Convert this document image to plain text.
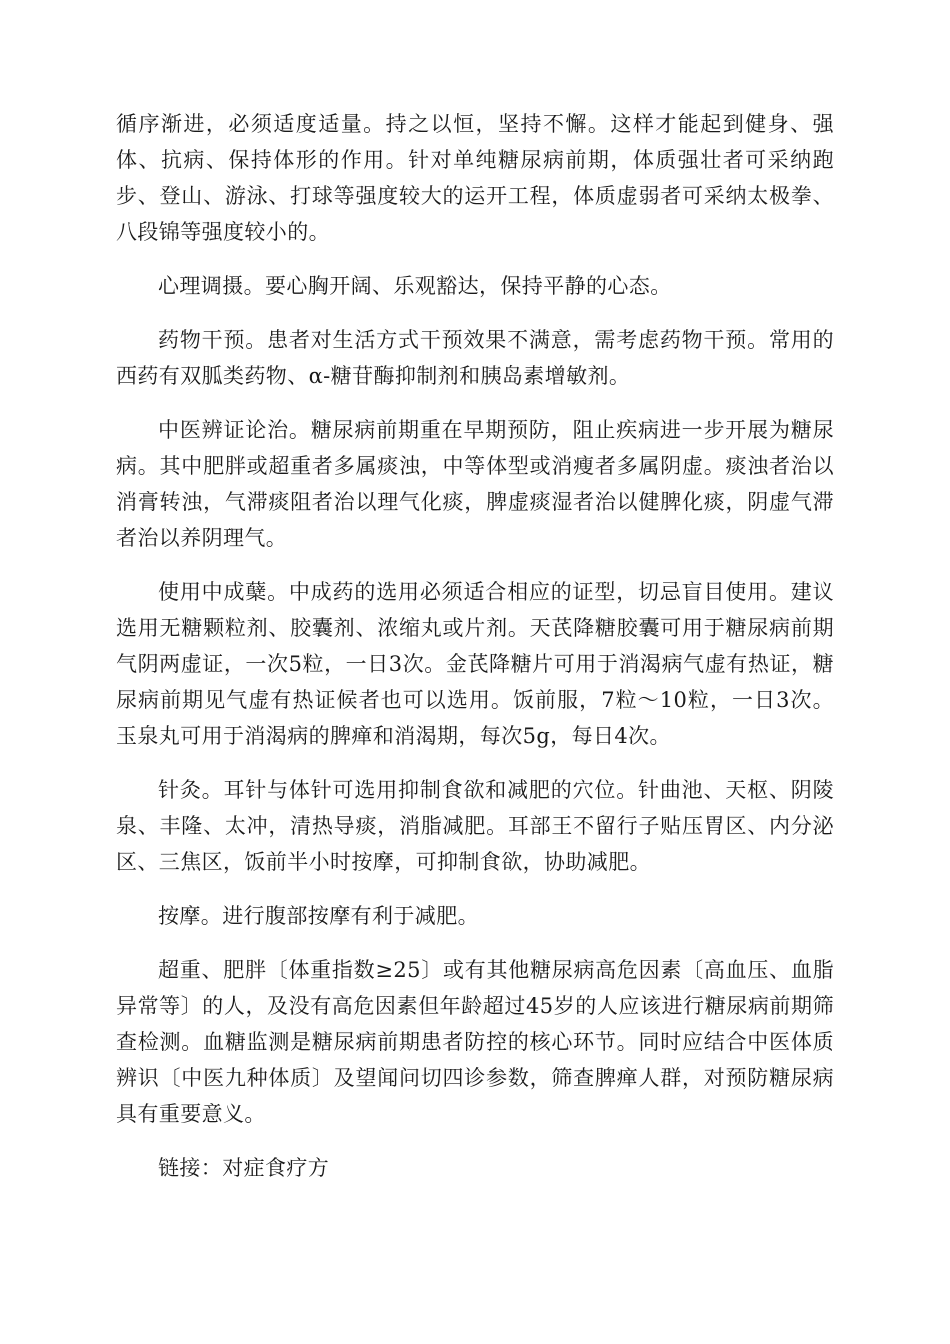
循序渐进，必须适度适量。持之以恒，坚持不懈。这样才能起到健身、强体、抗病、保持体形的作用。针对单纯糖尿病前期，体质强壮者可采纳跑步、登山、游泳、打球等强度较大的运开工程，体质虚弱者可采纳太极拳、八段锦等强度较小的。

心理调摄。要心胸开阔、乐观豁达，保持平静的心态。

药物干预。患者对生活方式干预效果不满意，需考虑药物干预。常用的西药有双胍类药物、α-糖苷酶抑制剂和胰岛素增敏剂。

中医辨证论治。糖尿病前期重在早期预防，阻止疾病进一步开展为糖尿病。其中肥胖或超重者多属痰浊，中等体型或消瘦者多属阴虚。痰浊者治以消膏转浊，气滞痰阻者治以理气化痰，脾虚痰湿者治以健脾化痰，阴虚气滞者治以养阴理气。

使用中成蘖。中成药的选用必须适合相应的证型，切忌盲目使用。建议选用无糖颗粒剂、胶囊剂、浓缩丸或片剂。天芪降糖胶囊可用于糖尿病前期气阴两虚证，一次5粒，一日3次。金芪降糖片可用于消渴病气虚有热证，糖尿病前期见气虚有热证候者也可以选用。饭前服，7粒～10粒，一日3次。玉泉丸可用于消渴病的脾瘅和消渴期，每次5g，每日4次。

针灸。耳针与体针可选用抑制食欲和减肥的穴位。针曲池、天枢、阴陵泉、丰隆、太冲，清热导痰，消脂减肥。耳部王不留行子贴压胃区、内分泌区、三焦区，饭前半小时按摩，可抑制食欲，协助减肥。

按摩。进行腹部按摩有利于减肥。

超重、肥胖〔体重指数≥25〕或有其他糖尿病高危因素〔高血压、血脂异常等〕的人，及没有高危因素但年龄超过45岁的人应该进行糖尿病前期筛查检测。血糖监测是糖尿病前期患者防控的核心环节。同时应结合中医体质辨识〔中医九种体质〕及望闻问切四诊参数，筛查脾瘅人群，对预防糖尿病具有重要意义。

链接：对症食疗方
